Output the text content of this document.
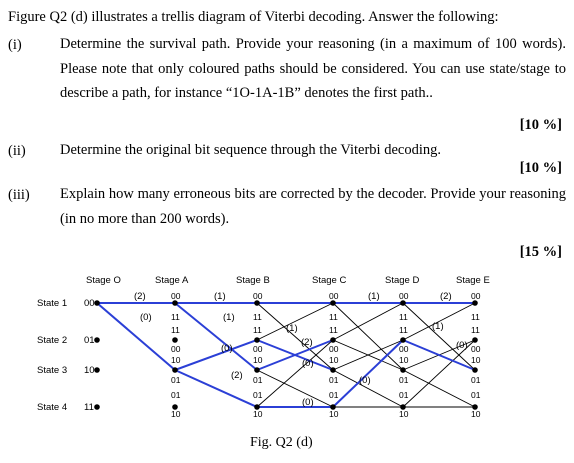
Figure Q2 (d) illustrates a trellis diagram of Viterbi decoding. Answer the following:
(i)	Determine the survival path. Provide your reasoning (in a maximum of 100 words). Please note that only coloured paths should be considered. You can use state/stage to describe a path, for instance “1O-1A-1B” denotes the first path..
[10 %]
(ii) Determine the original bit sequence through the Viterbi decoding.
[10 %]
(iii) Explain how many erroneous bits are corrected by the decoder. Provide your reasoning (in no more than 200 words).
[15 %]
Stage O	Stage A	Stage B	Stage C	Stage D	Stage E
State 1 00
State 2 01
State 3 10
State 4 11
00
11
11
00
10
01
01
10
00
11
11
00
10
01
01
10
00
11
11
00
10
01
01
10
00
11
11
00
10
01
01
10
00
11
11
00
10
01
01
10
(2)
(0)
(1)
(1)
(0)
(2)
(1)
(2)
(0)
(0)
(1)
(0)
(2)
(1)
(0)
Fig. Q2 (d)
